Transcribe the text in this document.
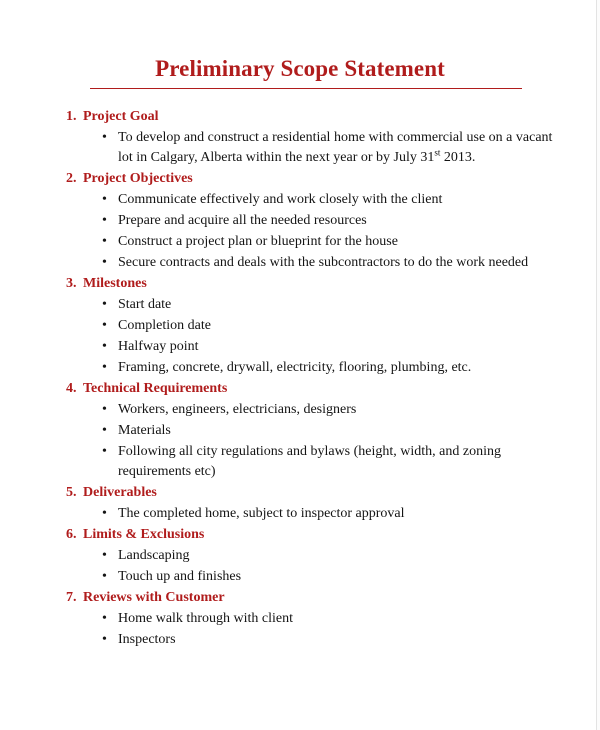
Preliminary Scope Statement
1. Project Goal
• To develop and construct a residential home with commercial use on a vacant lot in Calgary, Alberta within the next year or by July 31st 2013.
2. Project Objectives
• Communicate effectively and work closely with the client
• Prepare and acquire all the needed resources
• Construct a project plan or blueprint for the house
• Secure contracts and deals with the subcontractors to do the work needed
3. Milestones
• Start date
• Completion date
• Halfway point
• Framing, concrete, drywall, electricity, flooring, plumbing, etc.
4. Technical Requirements
• Workers, engineers, electricians, designers
• Materials
• Following all city regulations and bylaws (height, width, and zoning requirements etc)
5. Deliverables
• The completed home, subject to inspector approval
6. Limits & Exclusions
• Landscaping
• Touch up and finishes
7. Reviews with Customer
• Home walk through with client
• Inspectors
